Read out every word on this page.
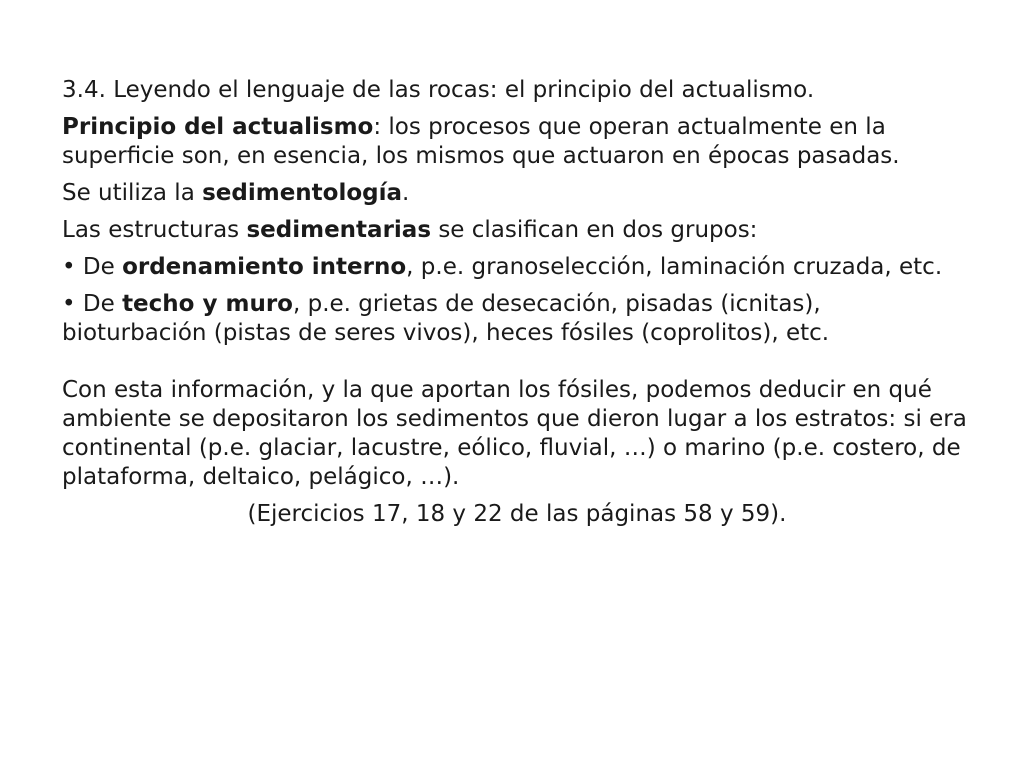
3.4. Leyendo el lenguaje de las rocas: el principio del actualismo.

Principio del actualismo: los procesos que operan actualmente en la superficie son, en esencia, los mismos que actuaron en épocas pasadas.

Se utiliza la sedimentología.

Las estructuras sedimentarias se clasifican en dos grupos:

• De ordenamiento interno, p.e. granoselección, laminación cruzada, etc.

• De techo y muro, p.e. grietas de desecación, pisadas (icnitas), bioturbación (pistas de seres vivos), heces fósiles (coprolitos), etc.

Con esta información, y la que aportan los fósiles, podemos deducir en qué ambiente se depositaron los sedimentos que dieron lugar a los estratos: si era continental (p.e. glaciar, lacustre, eólico, fluvial, …) o marino (p.e. costero, de plataforma, deltaico, pelágico, …).

(Ejercicios 17, 18 y 22 de las páginas 58 y 59).
